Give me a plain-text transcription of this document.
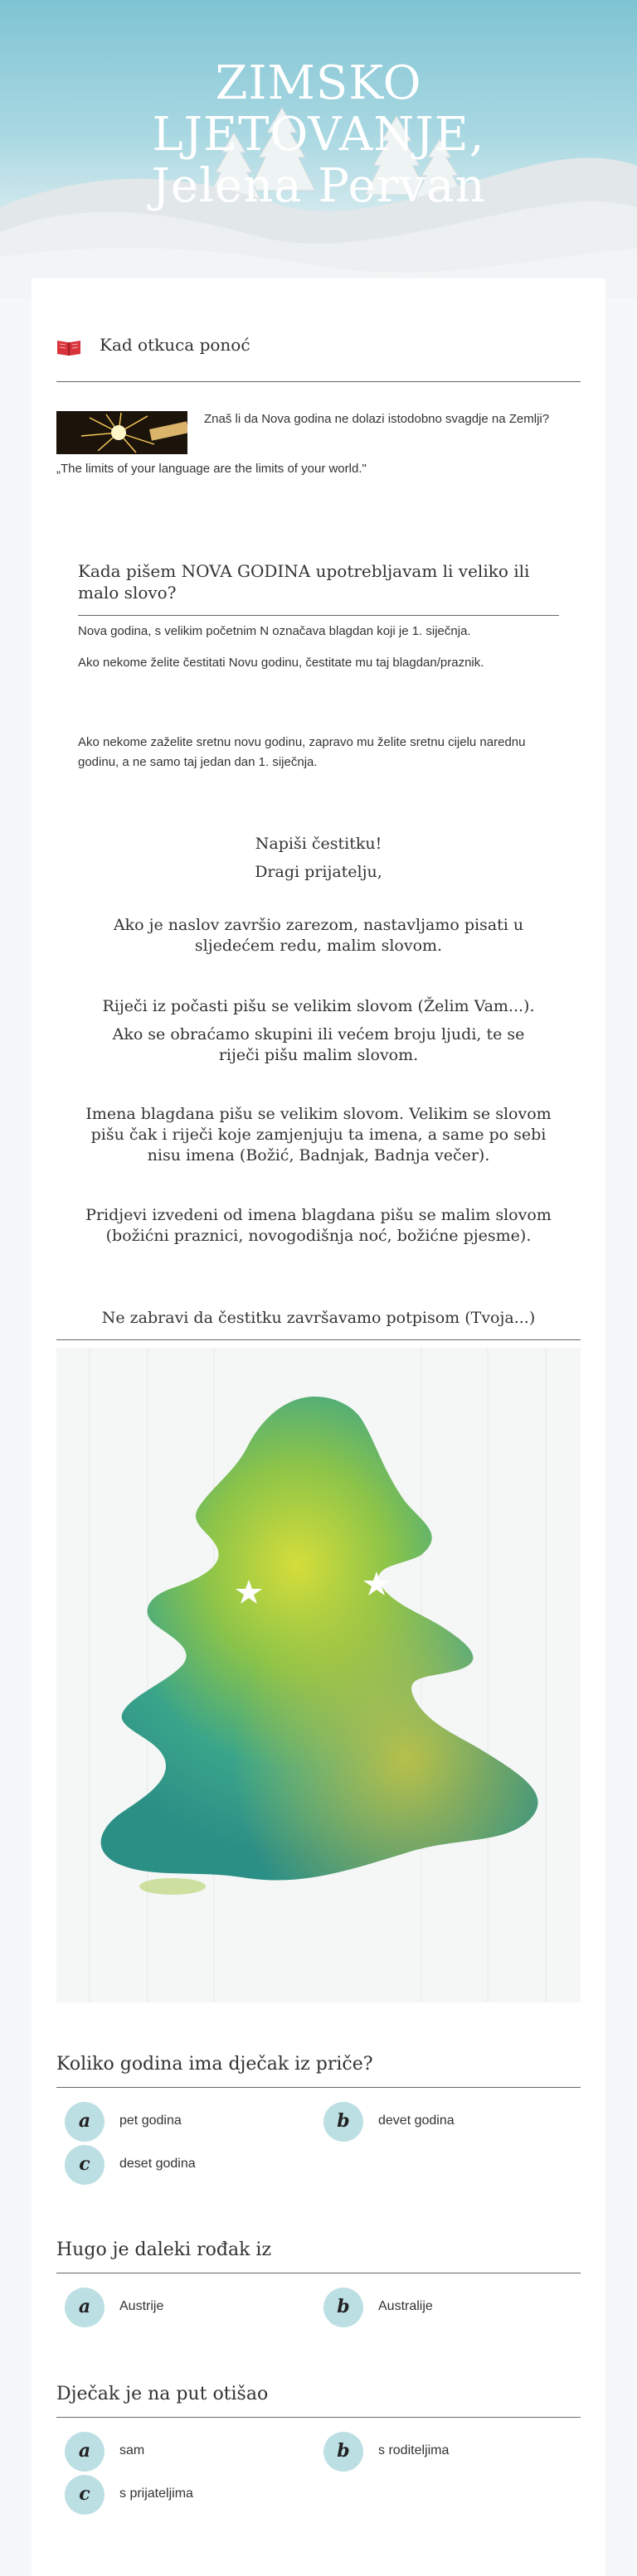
ZIMSKO
LJETOVANJE,
Jelena Pervan
Kad otkuca ponoć
Znaš li da Nova godina ne dolazi istodobno svagdje na Zemlji?
„The limits of your language are the limits of your world."
Kada pišem NOVA GODINA upotrebljavam li veliko ili malo slovo?
Nova godina, s velikim početnim N označava blagdan koji je 1. siječnja.
Ako nekome želite čestitati Novu godinu, čestitate mu taj blagdan/praznik.
Ako nekome zaželite sretnu novu godinu, zapravo mu želite sretnu cijelu narednu godinu, a ne samo taj jedan dan 1. siječnja.
Napiši čestitku!
Dragi prijatelju,
Ako je naslov završio zarezom, nastavljamo pisati u sljedećem redu, malim slovom.
Riječi iz počasti pišu se velikim slovom (Želim Vam...).
Ako se obraćamo skupini ili većem broju ljudi, te se riječi pišu malim slovom.
Imena blagdana pišu se velikim slovom. Velikim se slovom pišu čak i riječi koje zamjenjuju ta imena, a same po sebi nisu imena (Božić, Badnjak, Badnja večer).
Pridjevi izvedeni od imena blagdana pišu se malim slovom (božićni praznici, novogodišnja noć, božićne pjesme).
Ne zabravi da čestitku završavamo potpisom (Tvoja...)
Koliko godina ima dječak iz priče?
a	pet godina	b	devet godina
c	deset godina
Hugo je daleki rođak iz
a	Austrije	b	Australije
Dječak je na put otišao
a	sam	b	s roditeljima
c	s prijateljima
